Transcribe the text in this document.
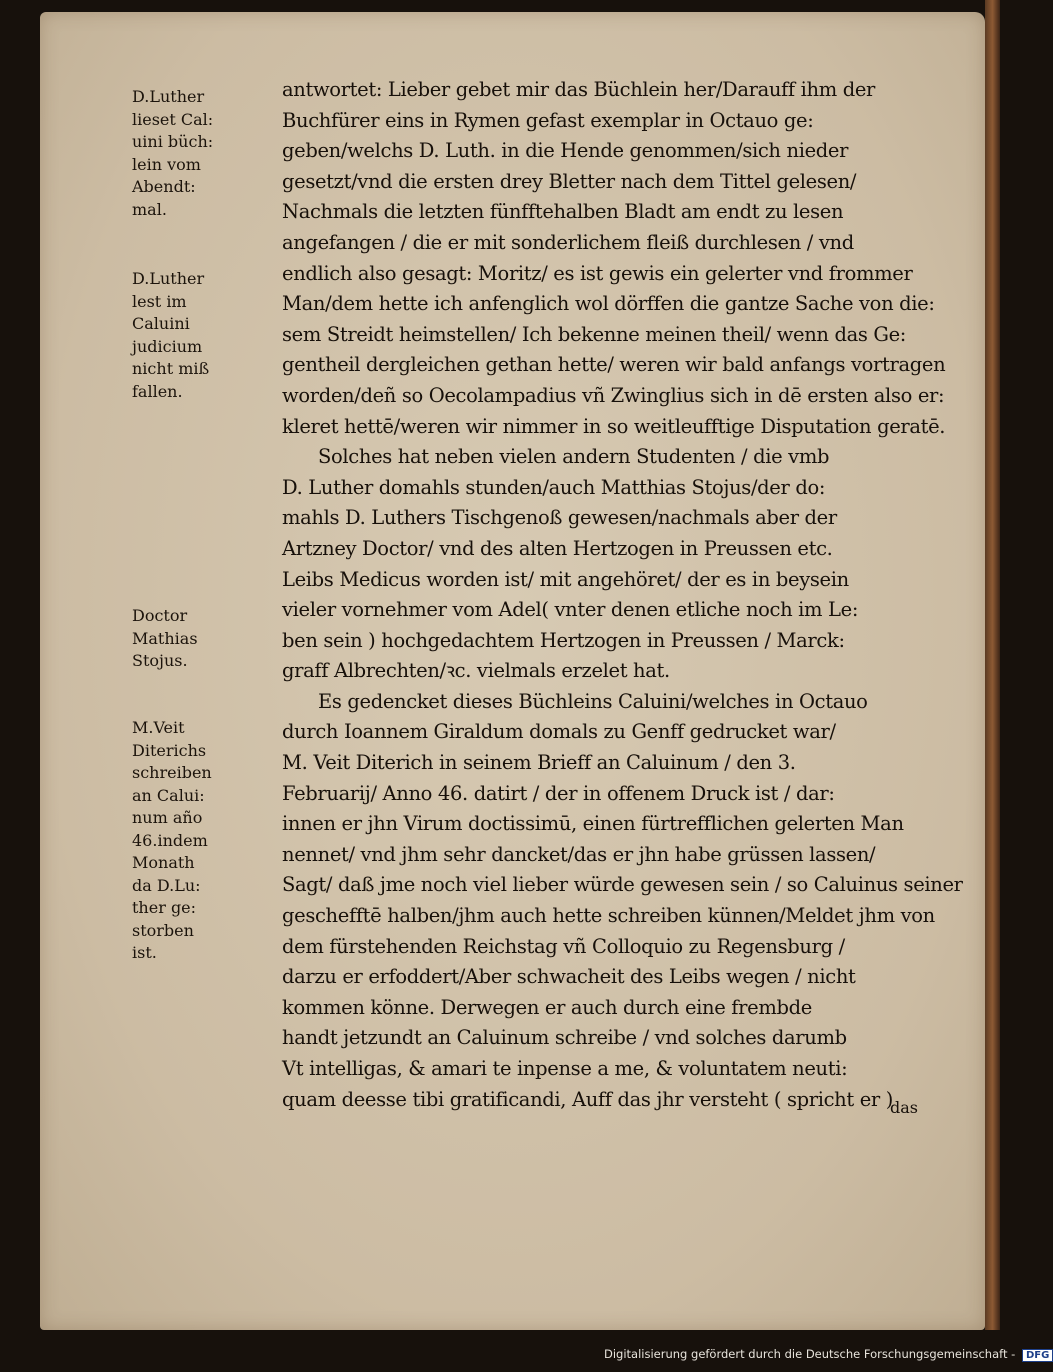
D.Luther
lieset Cal:
uini büch:
lein vom
Abendt:
mal.
D.Luther
lest im
Caluini
judicium
nicht miß
fallen.
Doctor
Mathias
Stojus.
M.Veit
Diterichs
schreiben
an Calui:
num año
46.indem
Monath
da D.Lu:
ther ge:
storben
ist.
antwortet: Lieber gebet mir das Büchlein her/Darauff ihm der
Buchfürer eins in Rymen gefast exemplar in Octauo ge:
geben/welchs D. Luth. in die Hende genommen/sich nieder
gesetzt/vnd die ersten drey Bletter nach dem Tittel gelesen/
Nachmals die letzten fünfftehalben Bladt am endt zu lesen
angefangen / die er mit sonderlichem fleiß durchlesen / vnd
endlich also gesagt: Moritz/ es ist gewis ein gelerter vnd frommer
Man/dem hette ich anfenglich wol dörffen die gantze Sache von die:
sem Streidt heimstellen/ Ich bekenne meinen theil/ wenn das Ge:
gentheil dergleichen gethan hette/ weren wir bald anfangs vortragen
worden/deñ so Oecolampadius vñ Zwinglius sich in dē ersten also er:
kleret hettē/weren wir nimmer in so weitleufftige Disputation geratē.
Solches hat neben vielen andern Studenten / die vmb
D. Luther domahls stunden/auch Matthias Stojus/der do:
mahls D. Luthers Tischgenoß gewesen/nachmals aber der
Artzney Doctor/ vnd des alten Hertzogen in Preussen etc.
Leibs Medicus worden ist/ mit angehöret/ der es in beysein
vieler vornehmer vom Adel( vnter denen etliche noch im Le:
ben sein ) hochgedachtem Hertzogen in Preussen / Marck:
graff Albrechten/ꝛc. vielmals erzelet hat.
Es gedencket dieses Büchleins Caluini/welches in Octauo
durch Ioannem Giraldum domals zu Genff gedrucket war/
M. Veit Diterich in seinem Brieff an Caluinum / den 3.
Februarij/ Anno 46. datirt / der in offenem Druck ist / dar:
innen er jhn Virum doctissimū, einen fürtrefflichen gelerten Man
nennet/ vnd jhm sehr dancket/das er jhn habe grüssen lassen/
Sagt/ daß jme noch viel lieber würde gewesen sein / so Caluinus seiner
geschefftē halben/jhm auch hette schreiben künnen/Meldet jhm von
dem fürstehenden Reichstag vñ Colloquio zu Regensburg /
darzu er erfoddert/Aber schwacheit des Leibs wegen / nicht
kommen könne. Derwegen er auch durch eine frembde
handt jetzundt an Caluinum schreibe / vnd solches darumb
Vt intelligas, & amari te inpense a me, & voluntatem neuti:
quam deesse tibi gratificandi, Auff das jhr versteht ( spricht er )
das
Digitalisierung gefördert durch die Deutsche Forschungsgemeinschaft - DFG
